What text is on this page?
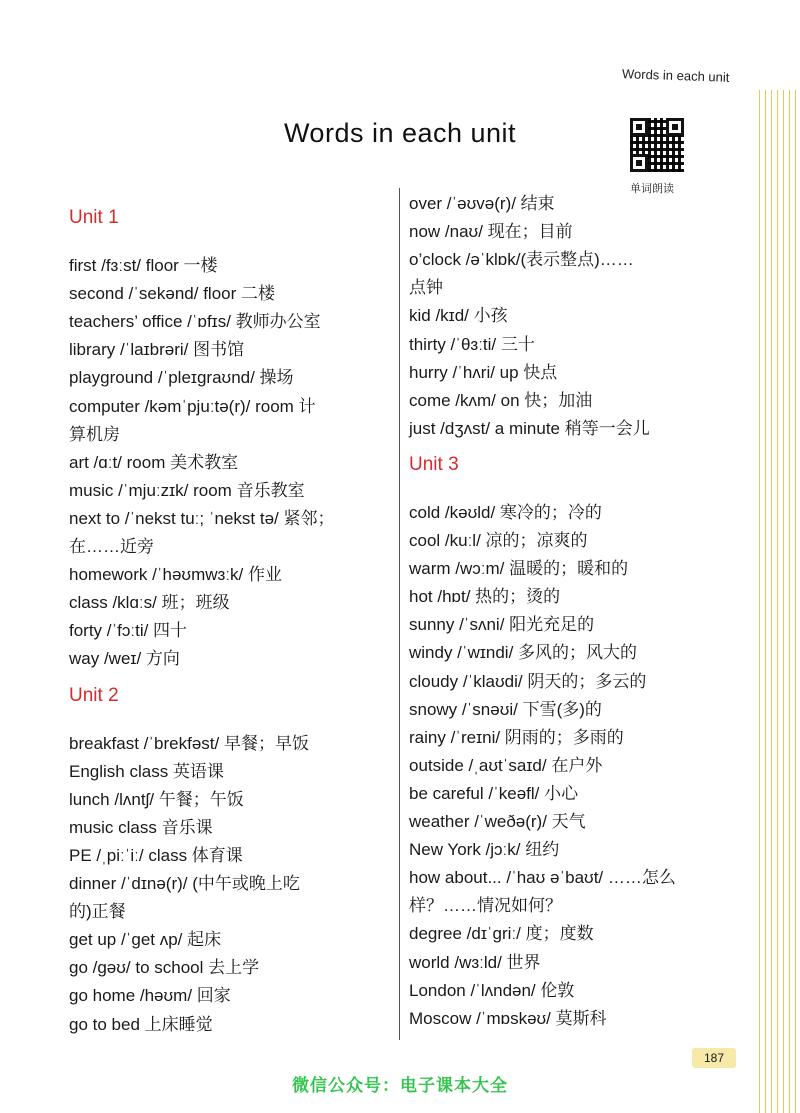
Words in each unit
Words in each unit
单词朗读
Unit 1
first /fɜːst/ floor 一楼
second /ˈsekənd/ floor 二楼
teachers’ office /ˈɒfɪs/ 教师办公室
library /ˈlaɪbrəri/ 图书馆
playground /ˈpleɪɡraʊnd/ 操场
computer /kəmˈpjuːtə(r)/ room 计
算机房
art /ɑːt/ room 美术教室
music /ˈmjuːzɪk/ room 音乐教室
next to /ˈnekst tuː; ˈnekst tə/ 紧邻；
在……近旁
homework /ˈhəʊmwɜːk/ 作业
class /klɑːs/ 班；班级
forty /ˈfɔːti/ 四十
way /weɪ/ 方向
Unit 2
breakfast /ˈbrekfəst/ 早餐；早饭
English class 英语课
lunch /lʌntʃ/ 午餐；午饭
music class 音乐课
PE /ˌpiːˈiː/ class 体育课
dinner /ˈdɪnə(r)/ (中午或晚上吃
的)正餐
get up /ˈɡet ʌp/ 起床
go /ɡəʊ/ to school 去上学
go home /həʊm/ 回家
go to bed 上床睡觉
over /ˈəʊvə(r)/ 结束
now /naʊ/ 现在；目前
o’clock /əˈklɒk/(表示整点)……
点钟
kid /kɪd/ 小孩
thirty /ˈθɜːti/ 三十
hurry /ˈhʌri/ up 快点
come /kʌm/ on 快；加油
just /dʒʌst/ a minute 稍等一会儿
Unit 3
cold /kəʊld/ 寒冷的；冷的
cool /kuːl/ 凉的；凉爽的
warm /wɔːm/ 温暖的；暖和的
hot /hɒt/ 热的；烫的
sunny /ˈsʌni/ 阳光充足的
windy /ˈwɪndi/ 多风的；风大的
cloudy /ˈklaʊdi/ 阴天的；多云的
snowy /ˈsnəʊi/ 下雪(多)的
rainy /ˈreɪni/ 阴雨的；多雨的
outside /ˌaʊtˈsaɪd/ 在户外
be careful /ˈkeəfl/ 小心
weather /ˈweðə(r)/ 天气
New York /jɔːk/ 纽约
how about... /ˈhaʊ əˈbaʊt/ ……怎么
样？……情况如何？
degree /dɪˈɡriː/ 度；度数
world /wɜːld/ 世界
London /ˈlʌndən/ 伦敦
Moscow /ˈmɒskəʊ/ 莫斯科
187
微信公众号：电子课本大全
